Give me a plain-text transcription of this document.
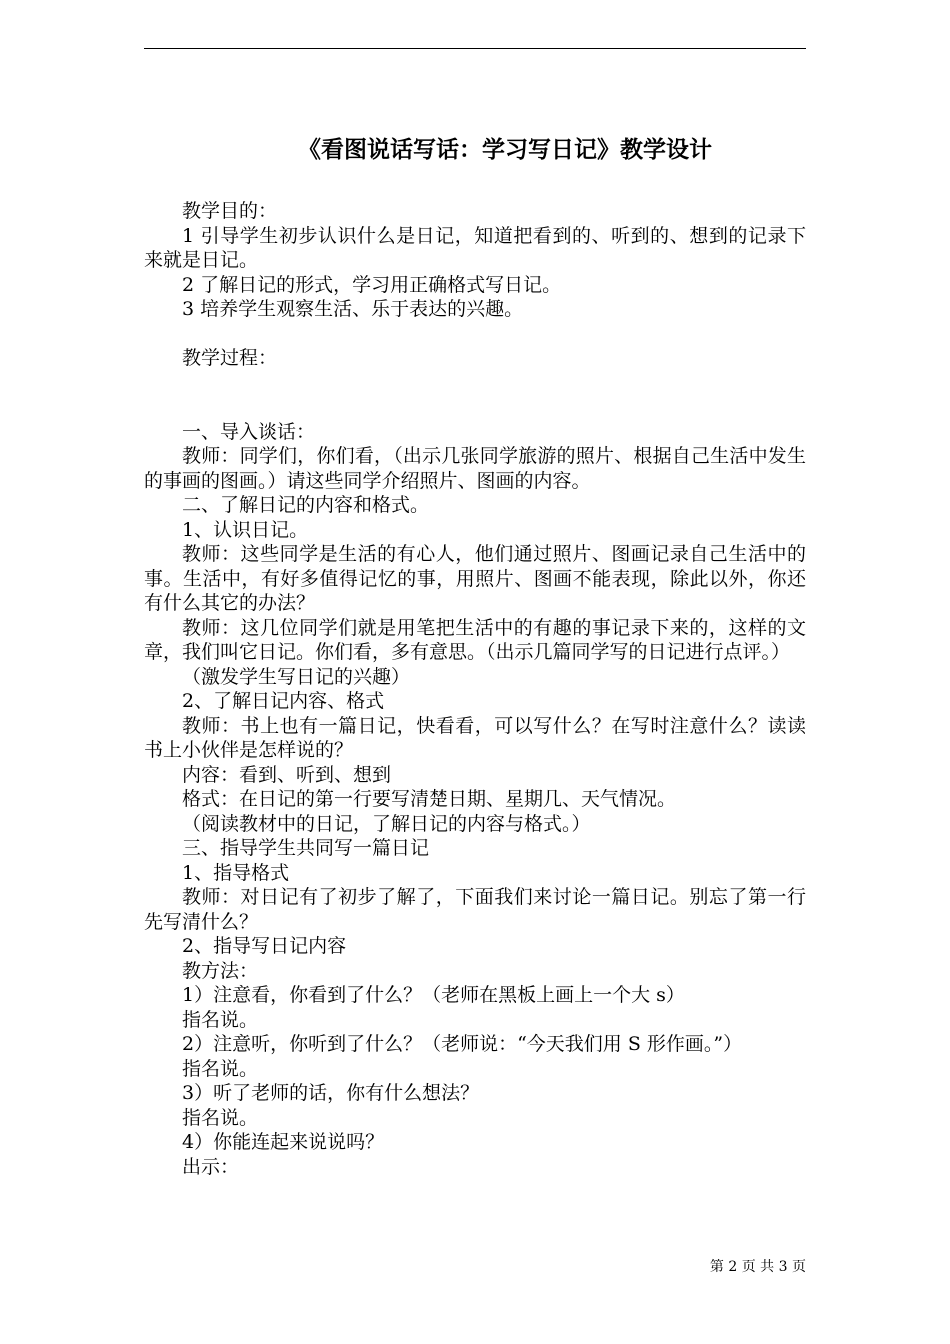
《看图说话写话：学习写日记》教学设计

教学目的：

1 引导学生初步认识什么是日记，知道把看到的、听到的、想到的记录下来就是日记。

2 了解日记的形式，学习用正确格式写日记。

3 培养学生观察生活、乐于表达的兴趣。

教学过程：

一、导入谈话：

教师：同学们，你们看，（出示几张同学旅游的照片、根据自己生活中发生的事画的图画。）请这些同学介绍照片、图画的内容。

二、了解日记的内容和格式。

1、认识日记。

教师：这些同学是生活的有心人，他们通过照片、图画记录自己生活中的事。生活中，有好多值得记忆的事，用照片、图画不能表现，除此以外，你还有什么其它的办法？

教师：这几位同学们就是用笔把生活中的有趣的事记录下来的，这样的文章，我们叫它日记。你们看，多有意思。（出示几篇同学写的日记进行点评。）

（激发学生写日记的兴趣）

2、了解日记内容、格式

教师：书上也有一篇日记，快看看，可以写什么？在写时注意什么？读读书上小伙伴是怎样说的？

内容：看到、听到、想到

格式：在日记的第一行要写清楚日期、星期几、天气情况。

（阅读教材中的日记，了解日记的内容与格式。）

三、指导学生共同写一篇日记

1、指导格式

教师：对日记有了初步了解了，下面我们来讨论一篇日记。别忘了第一行先写清什么？

2、指导写日记内容

教方法：

1）注意看，你看到了什么？（老师在黑板上画上一个大 s）

指名说。

2）注意听，你听到了什么？（老师说：“今天我们用 S 形作画。”）

指名说。

3）听了老师的话，你有什么想法？

指名说。

4）你能连起来说说吗？

出示：

第 2 页 共 3 页
